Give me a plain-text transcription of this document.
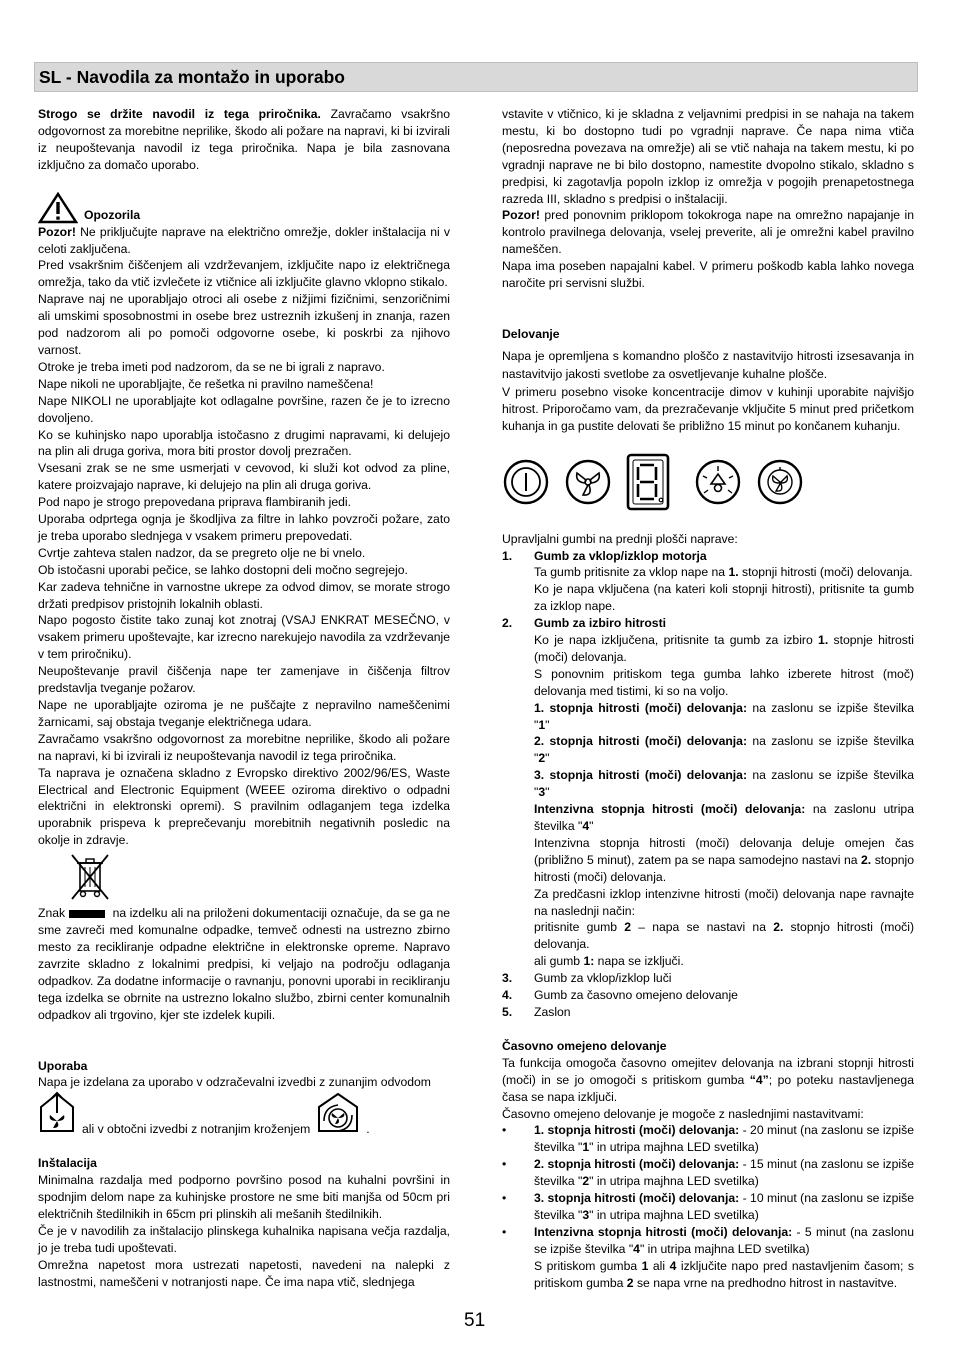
SL - Navodila za montažo in uporabo

Strogo se držite navodil iz tega priročnika. Zavračamo vsakršno odgovornost za morebitne neprilike, škodo ali požare na napravi, ki bi izvirali iz neupoštevanja navodil iz tega priročnika. Napa je bila zasnovana izključno za domačo uporabo.

Opozorila

Pozor! Ne priključujte naprave na električno omrežje, dokler inštalacija ni v celoti zaključena.

Pred vsakršnim čiščenjem ali vzdrževanjem, izključite napo iz električnega omrežja, tako da vtič izvlečete iz vtičnice ali izključite glavno vklopno stikalo.

Naprave naj ne uporabljajo otroci ali osebe z nižjimi fizičnimi, senzoričnimi ali umskimi sposobnostmi in osebe brez ustreznih izkušenj in znanja, razen pod nadzorom ali po pomoči odgovorne osebe, ki poskrbi za njihovo varnost.

Otroke je treba imeti pod nadzorom, da se ne bi igrali z napravo.

Nape nikoli ne uporabljajte, če rešetka ni pravilno nameščena!

Nape NIKOLI ne uporabljajte kot odlagalne površine, razen če je to izrecno dovoljeno.

Ko se kuhinjsko napo uporablja istočasno z drugimi napravami, ki delujejo na plin ali druga goriva, mora biti prostor dovolj prezračen.

Vsesani zrak se ne sme usmerjati v cevovod, ki služi kot odvod za pline, katere proizvajajo naprave, ki delujejo na plin ali druga goriva.

Pod napo je strogo prepovedana priprava flambiranih jedi.

Uporaba odprtega ognja je škodljiva za filtre in lahko povzroči požare, zato je treba uporabo slednjega v vsakem primeru prepovedati.

Cvrtje zahteva stalen nadzor, da se pregreto olje ne bi vnelo.

Ob istočasni uporabi pečice, se lahko dostopni deli močno segrejejo.

Kar zadeva tehnične in varnostne ukrepe za odvod dimov, se morate strogo držati predpisov pristojnih lokalnih oblasti.

Napo pogosto čistite tako zunaj kot znotraj (VSAJ ENKRAT MESEČNO, v vsakem primeru upoštevajte, kar izrecno narekujejo navodila za vzdrževanje v tem priročniku).

Neupoštevanje pravil čiščenja nape ter zamenjave in čiščenja filtrov predstavlja tveganje požarov.

Nape ne uporabljajte oziroma je ne puščajte z nepravilno nameščenimi žarnicami, saj obstaja tveganje električnega udara.

Zavračamo vsakršno odgovornost za morebitne neprilike, škodo ali požare na napravi, ki bi izvirali iz neupoštevanja navodil iz tega priročnika.

Ta naprava je označena skladno z Evropsko direktivo 2002/96/ES, Waste Electrical and Electronic Equipment (WEEE oziroma direktivo o odpadni električni in elektronski opremi). S pravilnim odlaganjem tega izdelka uporabnik prispeva k preprečevanju morebitnih negativnih posledic na okolje in zdravje.

Znak	na izdelku ali na priloženi dokumentaciji označuje, da se ga ne sme zavreči med komunalne odpadke, temveč odnesti na ustrezno zbirno mesto za recikliranje odpadne električne in elektronske opreme. Napravo zavrzite skladno z lokalnimi predpisi, ki veljajo na področju odlaganja odpadkov. Za dodatne informacije o ravnanju, ponovni uporabi in recikliranju tega izdelka se obrnite na ustrezno lokalno službo, zbirni center komunalnih odpadkov ali trgovino, kjer ste izdelek kupili.

Uporaba

Napa je izdelana za uporabo v odzračevalni izvedbi z zunanjim odvodom

ali v obtočni izvedbi z notranjim kroženjem	.

Inštalacija

Minimalna razdalja med podporno površino posod na kuhalni površini in spodnjim delom nape za kuhinjske prostore ne sme biti manjša od 50cm pri električnih štedilnikih in 65cm pri plinskih ali mešanih štedilnikih.

Če je v navodilih za inštalacijo plinskega kuhalnika napisana večja razdalja, jo je treba tudi upoštevati.

Omrežna napetost mora ustrezati napetosti, navedeni na nalepki z lastnostmi, nameščeni v notranjosti nape. Če ima napa vtič, slednjega

vstavite v vtičnico, ki je skladna z veljavnimi predpisi in se nahaja na takem mestu, ki bo dostopno tudi po vgradnji naprave. Če napa nima vtiča (neposredna povezava na omrežje) ali se vtič nahaja na takem mestu, ki po vgradnji naprave ne bi bilo dostopno, namestite dvopolno stikalo, skladno s predpisi, ki zagotavlja popoln izklop iz omrežja v pogojih prenapetostnega razreda III, skladno s predpisi o inštalaciji.

Pozor! pred ponovnim priklopom tokokroga nape na omrežno napajanje in kontrolo pravilnega delovanja, vselej preverite, ali je omrežni kabel pravilno nameščen.

Napa ima poseben napajalni kabel. V primeru poškodb kabla lahko novega naročite pri servisni službi.

Delovanje

Napa je opremljena s komandno ploščo z nastavitvijo hitrosti izsesavanja in nastavitvijo jakosti svetlobe za osvetljevanje kuhalne plošče.

V primeru posebno visoke koncentracije dimov v kuhinji uporabite najvišjo hitrost. Priporočamo vam, da prezračevanje vključite 5 minut pred pričetkom kuhanja in ga pustite delovati še približno 15 minut po končanem kuhanju.

Upravljalni gumbi na prednji plošči naprave:

1.	Gumb za vklop/izklop motorja

Ta gumb pritisnite za vklop nape na 1. stopnji hitrosti (moči) delovanja.

Ko je napa vključena (na kateri koli stopnji hitrosti), pritisnite ta gumb za izklop nape.

2.	Gumb za izbiro hitrosti

Ko je napa izključena, pritisnite ta gumb za izbiro 1. stopnje hitrosti (moči) delovanja.

S ponovnim pritiskom tega gumba lahko izberete hitrost (moč) delovanja med tistimi, ki so na voljo.

1. stopnja hitrosti (moči) delovanja: na zaslonu se izpiše številka "1"

2. stopnja hitrosti (moči) delovanja: na zaslonu se izpiše številka "2"

3. stopnja hitrosti (moči) delovanja: na zaslonu se izpiše številka "3"

Intenzivna stopnja hitrosti (moči) delovanja: na zaslonu utripa številka "4"

Intenzivna stopnja hitrosti (moči) delovanja deluje omejen čas (približno 5 minut), zatem pa se napa samodejno nastavi na 2. stopnjo hitrosti (moči) delovanja.

Za predčasni izklop intenzivne hitrosti (moči) delovanja nape ravnajte na naslednji način:

pritisnite gumb 2 – napa se nastavi na 2. stopnjo hitrosti (moči) delovanja.

ali gumb 1: napa se izključi.

3.	Gumb za vklop/izklop luči
4.	Gumb za časovno omejeno delovanje
5.	Zaslon

Časovno omejeno delovanje

Ta funkcija omogoča časovno omejitev delovanja na izbrani stopnji hitrosti (moči) in se jo omogoči s pritiskom gumba “4”; po poteku nastavljenega časa se napa izključi.

Časovno omejeno delovanje je mogoče z naslednjimi nastavitvami:

•	1. stopnja hitrosti (moči) delovanja: - 20 minut (na zaslonu se izpiše številka "1" in utripa majhna LED svetilka)
•	2. stopnja hitrosti (moči) delovanja: - 15 minut (na zaslonu se izpiše številka "2" in utripa majhna LED svetilka)
•	3. stopnja hitrosti (moči) delovanja: - 10 minut (na zaslonu se izpiše številka "3" in utripa majhna LED svetilka)
•	Intenzivna stopnja hitrosti (moči) delovanja: - 5 minut (na zaslonu se izpiše številka "4" in utripa majhna LED svetilka)
S pritiskom gumba 1 ali 4 izključite napo pred nastavljenim časom; s pritiskom gumba 2 se napa vrne na predhodno hitrost in nastavitve.
51
